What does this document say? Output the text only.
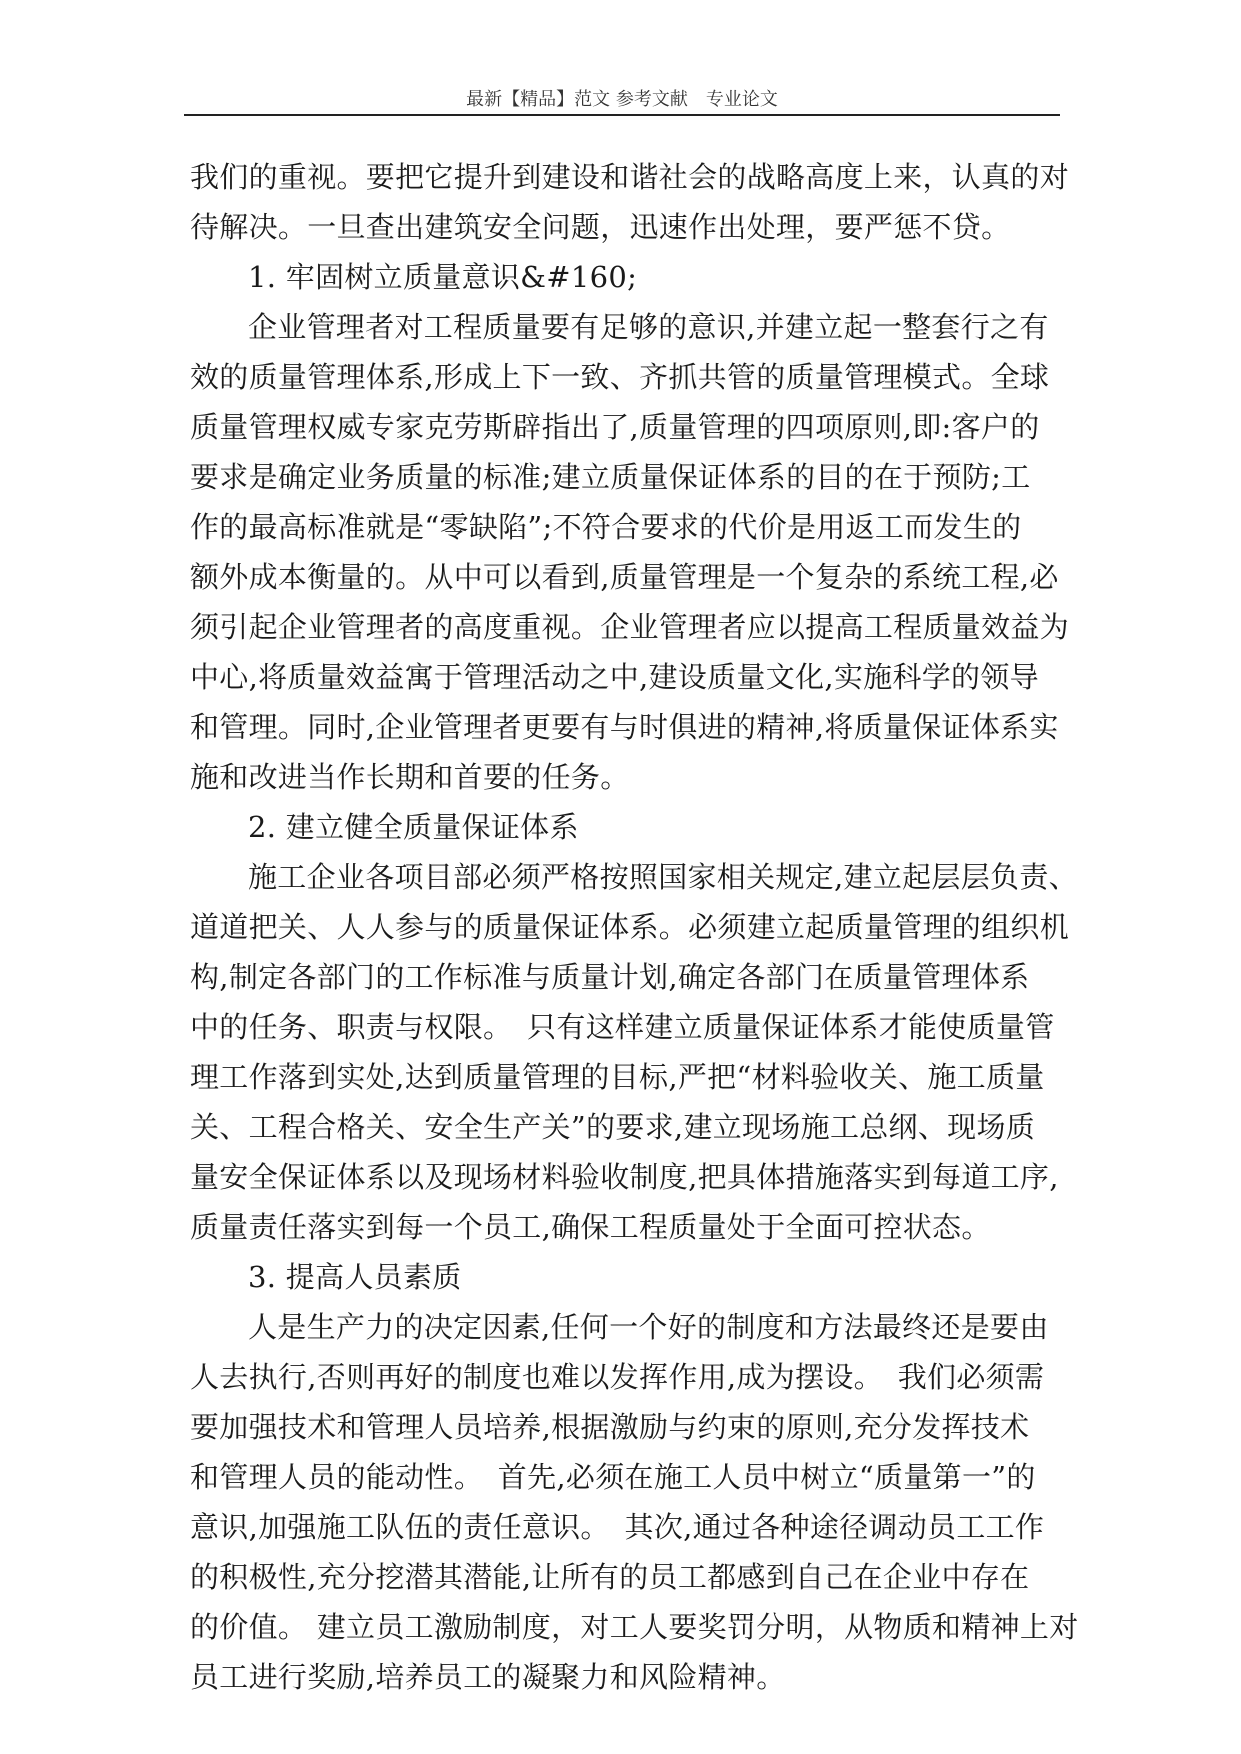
最新【精品】范文 参考文献　专业论文
我们的重视。要把它提升到建设和谐社会的战略高度上来，认真的对
待解决。一旦查出建筑安全问题，迅速作出处理，要严惩不贷。
1. 牢固树立质量意识&#160;
企业管理者对工程质量要有足够的意识,并建立起一整套行之有
效的质量管理体系,形成上下一致、齐抓共管的质量管理模式。全球
质量管理权威专家克劳斯辟指出了,质量管理的四项原则,即:客户的
要求是确定业务质量的标准;建立质量保证体系的目的在于预防;工
作的最高标准就是“零缺陷”;不符合要求的代价是用返工而发生的
额外成本衡量的。从中可以看到,质量管理是一个复杂的系统工程,必
须引起企业管理者的高度重视。企业管理者应以提高工程质量效益为
中心,将质量效益寓于管理活动之中,建设质量文化,实施科学的领导
和管理。同时,企业管理者更要有与时俱进的精神,将质量保证体系实
施和改进当作长期和首要的任务。
2. 建立健全质量保证体系
施工企业各项目部必须严格按照国家相关规定,建立起层层负责、
道道把关、人人参与的质量保证体系。必须建立起质量管理的组织机
构,制定各部门的工作标准与质量计划,确定各部门在质量管理体系
中的任务、职责与权限。　只有这样建立质量保证体系才能使质量管
理工作落到实处,达到质量管理的目标,严把“材料验收关、施工质量
关、工程合格关、安全生产关”的要求,建立现场施工总纲、现场质
量安全保证体系以及现场材料验收制度,把具体措施落实到每道工序,
质量责任落实到每一个员工,确保工程质量处于全面可控状态。
3. 提高人员素质
人是生产力的决定因素,任何一个好的制度和方法最终还是要由
人去执行,否则再好的制度也难以发挥作用,成为摆设。　我们必须需
要加强技术和管理人员培养,根据激励与约束的原则,充分发挥技术
和管理人员的能动性。　首先,必须在施工人员中树立“质量第一”的
意识,加强施工队伍的责任意识。　其次,通过各种途径调动员工工作
的积极性,充分挖潜其潜能,让所有的员工都感到自己在企业中存在
的价值。 建立员工激励制度，对工人要奖罚分明，从物质和精神上对
员工进行奖励,培养员工的凝聚力和风险精神。
